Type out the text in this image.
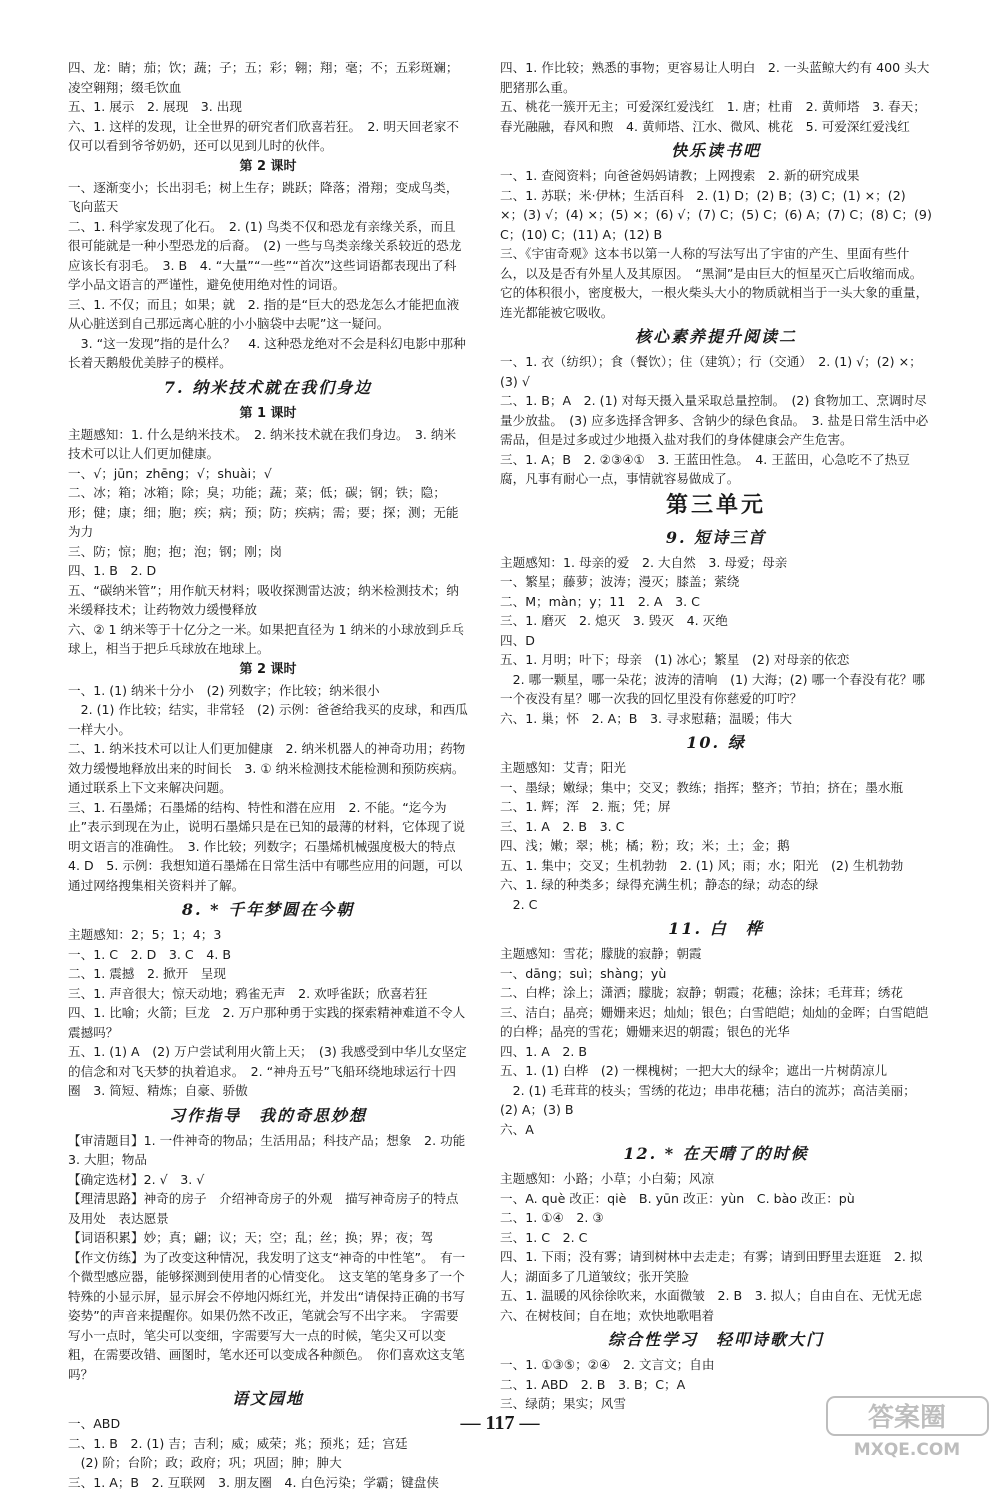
四、龙：睛；茄；饮；蔬；子；五；彩；翱；翔；毫；不；五彩斑斓；凌空翱翔；缀毛饮血
五、1. 展示　2. 展现　3. 出现
六、1. 这样的发现，让全世界的研究者们欣喜若狂。　2. 明天回老家不仅可以看到爷爷奶奶，还可以见到儿时的伙伴。
第 2 课时
一、逐渐变小；长出羽毛；树上生存；跳跃；降落；滑翔；变成鸟类，飞向蓝天
二、1. 科学家发现了化石。　2. (1) 鸟类不仅和恐龙有亲缘关系，而且很可能就是一种小型恐龙的后裔。　(2) 一些与鸟类亲缘关系较近的恐龙应该长有羽毛。　3. B　4. “大量”“一些”“首次”这些词语都表现出了科学小品文语言的严谨性，避免使用绝对性的词语。
三、1. 不仅；而且；如果；就　2. 指的是“巨大的恐龙怎么才能把血液从心脏送到自己那远离心脏的小小脑袋中去呢”这一疑问。
　3. “这一发现”指的是什么？　4. 这种恐龙绝对不会是科幻电影中那种长着天鹅般优美脖子的模样。
7. 纳米技术就在我们身边
第 1 课时
主题感知：1. 什么是纳米技术。　2. 纳米技术就在我们身边。　3. 纳米技术可以让人们更加健康。
一、√；jūn；zhēng；√；shuài；√
二、冰；箱；冰箱；除；臭；功能；蔬；菜；低；碳；钢；铁；隐；形；健；康；细；胞；疾；病；预；防；疾病；需；要；探；测；无能为力
三、防；惊；胞；抱；泡；钢；刚；岗
四、1. B　2. D
五、“碳纳米管”；用作航天材料；吸收探测雷达波；纳米检测技术；纳米缓释技术；让药物效力缓慢释放
六、② 1 纳米等于十亿分之一米。如果把直径为 1 纳米的小球放到乒乓球上，相当于把乒乓球放在地球上。
第 2 课时
一、1. (1) 纳米十分小　(2) 列数字；作比较；纳米很小
　2. (1) 作比较；结实，非常轻　(2) 示例：爸爸给我买的皮球，和西瓜一样大小。
二、1. 纳米技术可以让人们更加健康　2. 纳米机器人的神奇功用；药物效力缓慢地释放出来的时间长　3. ① 纳米检测技术能检测和预防疾病。　通过联系上下文来解决问题。
三、1. 石墨烯；石墨烯的结构、特性和潜在应用　2. 不能。“迄今为止”表示到现在为止，说明石墨烯只是在已知的最薄的材料，它体现了说明文语言的准确性。　3. 作比较；列数字；石墨烯机械强度极大的特点　4. D　5. 示例：我想知道石墨烯在日常生活中有哪些应用的问题，可以通过网络搜集相关资料并了解。
8. * 千年梦圆在今朝
主题感知：2；5；1；4；3
一、1. C　2. D　3. C　4. B
二、1. 震撼　2. 掀开　呈现
三、1. 声音很大；惊天动地；鸦雀无声　2. 欢呼雀跃；欣喜若狂
四、1. 比喻；火箭；巨龙　2. 万户那种勇于实践的探索精神难道不令人震撼吗？
五、1. (1) A　(2) 万户尝试利用火箭上天；　(3) 我感受到中华儿女坚定的信念和对飞天梦的执着追求。　2. “神舟五号”飞船环绕地球运行十四圈　3. 简短、精炼；自豪、骄傲
习作指导　我的奇思妙想
【审清题目】1. 一件神奇的物品；生活用品；科技产品；想象　2. 功能　3. 大胆；物品
【确定选材】2. √　3. √
【理清思路】神奇的房子　介绍神奇房子的外观　描写神奇房子的特点及用处　表达愿景
【词语积累】妙；真；翩；议；天；空；乱；丝；换；界；夜；驾
【作文仿练】为了改变这种情况，我发明了这支“神奇的中性笔”。　有一个微型感应器，能够探测到使用者的心情变化。　这支笔的笔身多了一个特殊的小显示屏，显示屏会不停地闪烁红光，并发出“请保持正确的书写姿势”的声音来提醒你。如果仍然不改正，笔就会写不出字来。　字需要写小一点时，笔尖可以变细，字需要写大一点的时候，笔尖又可以变粗，在需要改错、画图时，笔水还可以变成各种颜色。　你们喜欢这支笔吗？
语文园地
一、ABD
二、1. B　2. (1) 吉；吉利；威；威荣；兆；预兆；廷；宫廷
　(2) 阶；台阶；政；政府；巩；巩固；胂；胂大
三、1. A；B　2. 互联网　3. 朋友圈　4. 白色污染；学霸；键盘侠
四、1. 作比较；熟悉的事物；更容易让人明白　2. 一头蓝鲸大约有 400 头大肥猪那么重。
五、桃花一簇开无主；可爱深红爱浅红　1. 唐；杜甫　2. 黄师塔　3. 春天；春光融融，春风和煦　4. 黄师塔、江水、微风、桃花　5. 可爱深红爱浅红
快乐读书吧
一、1. 查阅资料；向爸爸妈妈请教；上网搜索　2. 新的研究成果
二、1. 苏联；米·伊林；生活百科　2. (1) D；(2) B；(3) C；(1) ×；(2) ×；(3) √；(4) ×；(5) ×；(6) √；(7) C；(5) C；(6) A；(7) C；(8) C；(9) C；(10) C；(11) A；(12) B
三、《宇宙奇观》这本书以第一人称的写法写出了宇宙的产生、里面有些什么，以及是否有外星人及其原因。　“黑洞”是由巨大的恒星灭亡后收缩而成。它的体积很小，密度极大，一根火柴头大小的物质就相当于一头大象的重量，连光都能被它吸收。
核心素养提升阅读二
一、1. 衣（纺织）；食（餐饮）；住（建筑）；行（交通）　2. (1) √；(2) ×；(3) √
二、1. B；A　2. (1) 对每天摄入量采取总量控制。　(2) 食物加工、烹调时尽量少放盐。　(3) 应多选择含钾多、含钠少的绿色食品。　3. 盐是日常生活中必需品，但是过多或过少地摄入盐对我们的身体健康会产生危害。
三、1. A；B　2. ②③④①　3. 王蓝田性急。　4. 王蓝田，心急吃不了热豆腐，凡事有耐心一点，事情就容易做成了。
第三单元
9. 短诗三首
主题感知：1. 母亲的爱　2. 大自然　3. 母爱；母亲
一、繁星；藤萝；波涛；漫灭；膝盖；萦绕
二、M；màn；y；11　2. A　3. C
三、1. 磨灭　2. 熄灭　3. 毁灭　4. 灭绝
四、D
五、1. 月明；叶下；母亲　(1) 冰心；繁星　(2) 对母亲的依恋
　2. 哪一颗星，哪一朵花；波涛的清响　(1) 大海；(2) 哪一个春没有花？哪一个夜没有星？哪一次我的回忆里没有你慈爱的叮咛？
六、1. 巢；怀　2. A；B　3. 寻求慰藉；温暖；伟大
10. 绿
主题感知：艾青；阳光
一、墨绿；嫩绿；集中；交叉；教练；指挥；整齐；节拍；挤在；墨水瓶
二、1. 辉；浑　2. 瓶；凭；屏
三、1. A　2. B　3. C
四、浅；嫩；翠；桃；橘；粉；玫；米；土；金；鹅
五、1. 集中；交叉；生机勃勃　2. (1) 风；雨；水；阳光　(2) 生机勃勃
六、1. 绿的种类多；绿得充满生机；静态的绿；动态的绿
　2. C
11. 白　桦
主题感知：雪花；朦胧的寂静；朝霞
一、dāng；suì；shàng；yù
二、白桦；涂上；潇洒；朦胧；寂静；朝霞；花穗；涂抹；毛茸茸；绣花
三、洁白；晶亮；姗姗来迟；灿灿；银色；白雪皑皑；灿灿的金晖；白雪皑皑的白桦；晶亮的雪花；姗姗来迟的朝霞；银色的光华
四、1. A　2. B
五、1. (1) 白桦　(2) 一棵槐树；一把大大的绿伞；遮出一片树荫凉儿
　2. (1) 毛茸茸的枝头；雪绣的花边；串串花穗；洁白的流苏；高洁美丽；(2) A；(3) B
六、A
12. * 在天晴了的时候
主题感知：小路；小草；小白菊；风凉
一、A. què 改正：qiè　B. yūn 改正：yùn　C. bào 改正：pù
二、1. ①④　2. ③
三、1. C　2. C
四、1. 下雨；没有雾；请到树林中去走走；有雾；请到田野里去逛逛　2. 拟人；湖面多了几道皱纹；张开笑脸
五、1. 温暖的风徐徐吹来，水面微皱　2. B　3. 拟人；自由自在、无忧无虑
六、在树枝间；自在地；欢快地歌唱着
综合性学习　轻叩诗歌大门
一、1. ①③⑤；②④　2. 文言文；自由
二、1. ABD　2. B　3. B；C；A
三、绿荫；果实；风雪
— 117 —	答案圈
MXQE.COM
